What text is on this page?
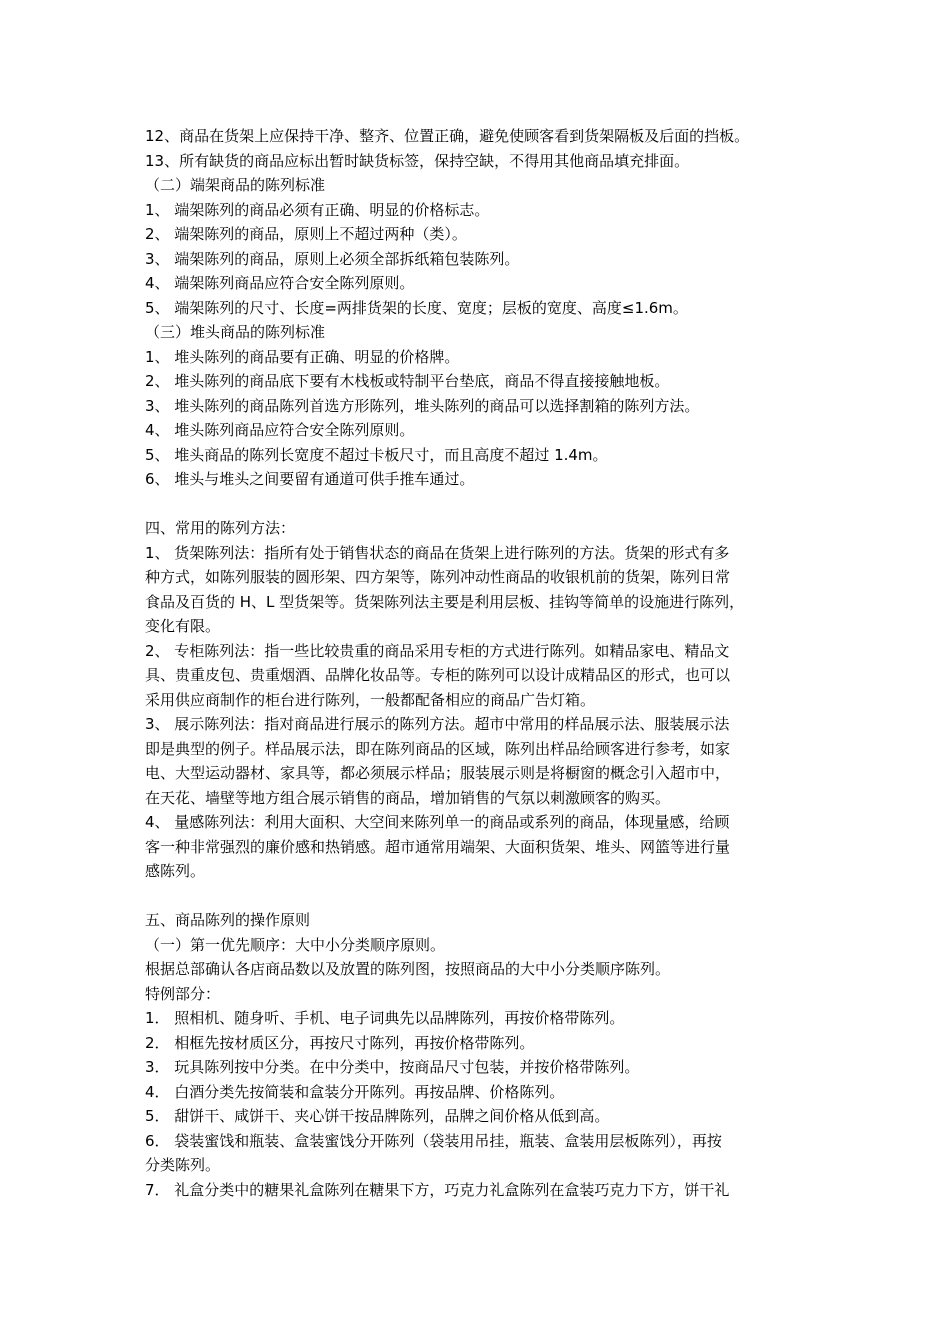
12、商品在货架上应保持干净、整齐、位置正确，避免使顾客看到货架隔板及后面的挡板。
13、所有缺货的商品应标出暂时缺货标签，保持空缺，不得用其他商品填充排面。
（二）端架商品的陈列标准
1、 端架陈列的商品必须有正确、明显的价格标志。
2、 端架陈列的商品，原则上不超过两种（类）。
3、 端架陈列的商品，原则上必须全部拆纸箱包装陈列。
4、 端架陈列商品应符合安全陈列原则。
5、 端架陈列的尺寸、长度=两排货架的长度、宽度；层板的宽度、高度≤1.6m。
（三）堆头商品的陈列标准
1、 堆头陈列的商品要有正确、明显的价格牌。
2、 堆头陈列的商品底下要有木栈板或特制平台垫底，商品不得直接接触地板。
3、 堆头陈列的商品陈列首选方形陈列，堆头陈列的商品可以选择割箱的陈列方法。
4、 堆头陈列商品应符合安全陈列原则。
5、 堆头商品的陈列长宽度不超过卡板尺寸，而且高度不超过 1.4m。
6、 堆头与堆头之间要留有通道可供手推车通过。
四、常用的陈列方法：
1、 货架陈列法：指所有处于销售状态的商品在货架上进行陈列的方法。货架的形式有多
种方式，如陈列服装的圆形架、四方架等，陈列冲动性商品的收银机前的货架，陈列日常
食品及百货的 H、L 型货架等。货架陈列法主要是利用层板、挂钩等简单的设施进行陈列，
变化有限。
2、 专柜陈列法：指一些比较贵重的商品采用专柜的方式进行陈列。如精品家电、精品文
具、贵重皮包、贵重烟酒、品牌化妆品等。专柜的陈列可以设计成精品区的形式，也可以
采用供应商制作的柜台进行陈列，一般都配备相应的商品广告灯箱。
3、 展示陈列法：指对商品进行展示的陈列方法。超市中常用的样品展示法、服装展示法
即是典型的例子。样品展示法，即在陈列商品的区域，陈列出样品给顾客进行参考，如家
电、大型运动器材、家具等，都必须展示样品；服装展示则是将橱窗的概念引入超市中，
在天花、墙壁等地方组合展示销售的商品，增加销售的气氛以刺激顾客的购买。
4、 量感陈列法：利用大面积、大空间来陈列单一的商品或系列的商品，体现量感，给顾
客一种非常强烈的廉价感和热销感。超市通常用端架、大面积货架、堆头、网篮等进行量
感陈列。
五、商品陈列的操作原则
（一）第一优先顺序：大中小分类顺序原则。
根据总部确认各店商品数以及放置的陈列图，按照商品的大中小分类顺序陈列。
特例部分：
1． 照相机、随身听、手机、电子词典先以品牌陈列，再按价格带陈列。
2． 相框先按材质区分，再按尺寸陈列，再按价格带陈列。
3． 玩具陈列按中分类。在中分类中，按商品尺寸包装，并按价格带陈列。
4． 白酒分类先按简装和盒装分开陈列。再按品牌、价格陈列。
5． 甜饼干、咸饼干、夹心饼干按品牌陈列，品牌之间价格从低到高。
6． 袋装蜜饯和瓶装、盒装蜜饯分开陈列（袋装用吊挂，瓶装、盒装用层板陈列），再按
分类陈列。
7． 礼盒分类中的糖果礼盒陈列在糖果下方，巧克力礼盒陈列在盒装巧克力下方，饼干礼
